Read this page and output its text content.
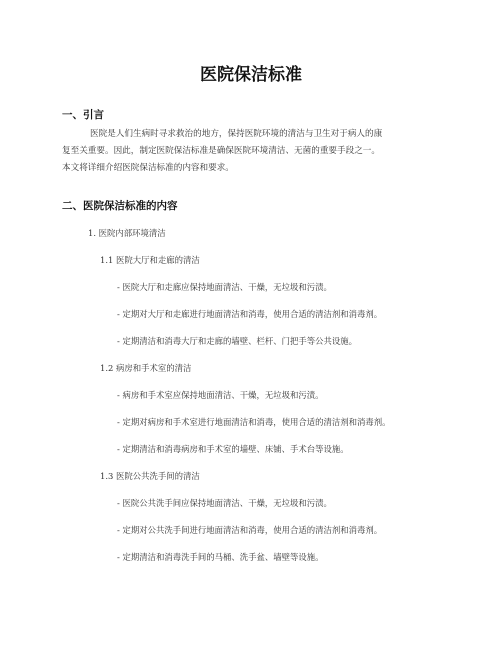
医院保洁标准
一、引言
医院是人们生病时寻求救治的地方，保持医院环境的清洁与卫生对于病人的康
复至关重要。因此，制定医院保洁标准是确保医院环境清洁、无菌的重要手段之一。
本文将详细介绍医院保洁标准的内容和要求。
二、医院保洁标准的内容
1. 医院内部环境清洁
1.1 医院大厅和走廊的清洁
- 医院大厅和走廊应保持地面清洁、干燥，无垃圾和污渍。
- 定期对大厅和走廊进行地面清洁和消毒，使用合适的清洁剂和消毒剂。
- 定期清洁和消毒大厅和走廊的墙壁、栏杆、门把手等公共设施。
1.2 病房和手术室的清洁
- 病房和手术室应保持地面清洁、干燥，无垃圾和污渍。
- 定期对病房和手术室进行地面清洁和消毒，使用合适的清洁剂和消毒剂。
- 定期清洁和消毒病房和手术室的墙壁、床铺、手术台等设施。
1.3 医院公共洗手间的清洁
- 医院公共洗手间应保持地面清洁、干燥，无垃圾和污渍。
- 定期对公共洗手间进行地面清洁和消毒，使用合适的清洁剂和消毒剂。
- 定期清洁和消毒洗手间的马桶、洗手盆、墙壁等设施。
